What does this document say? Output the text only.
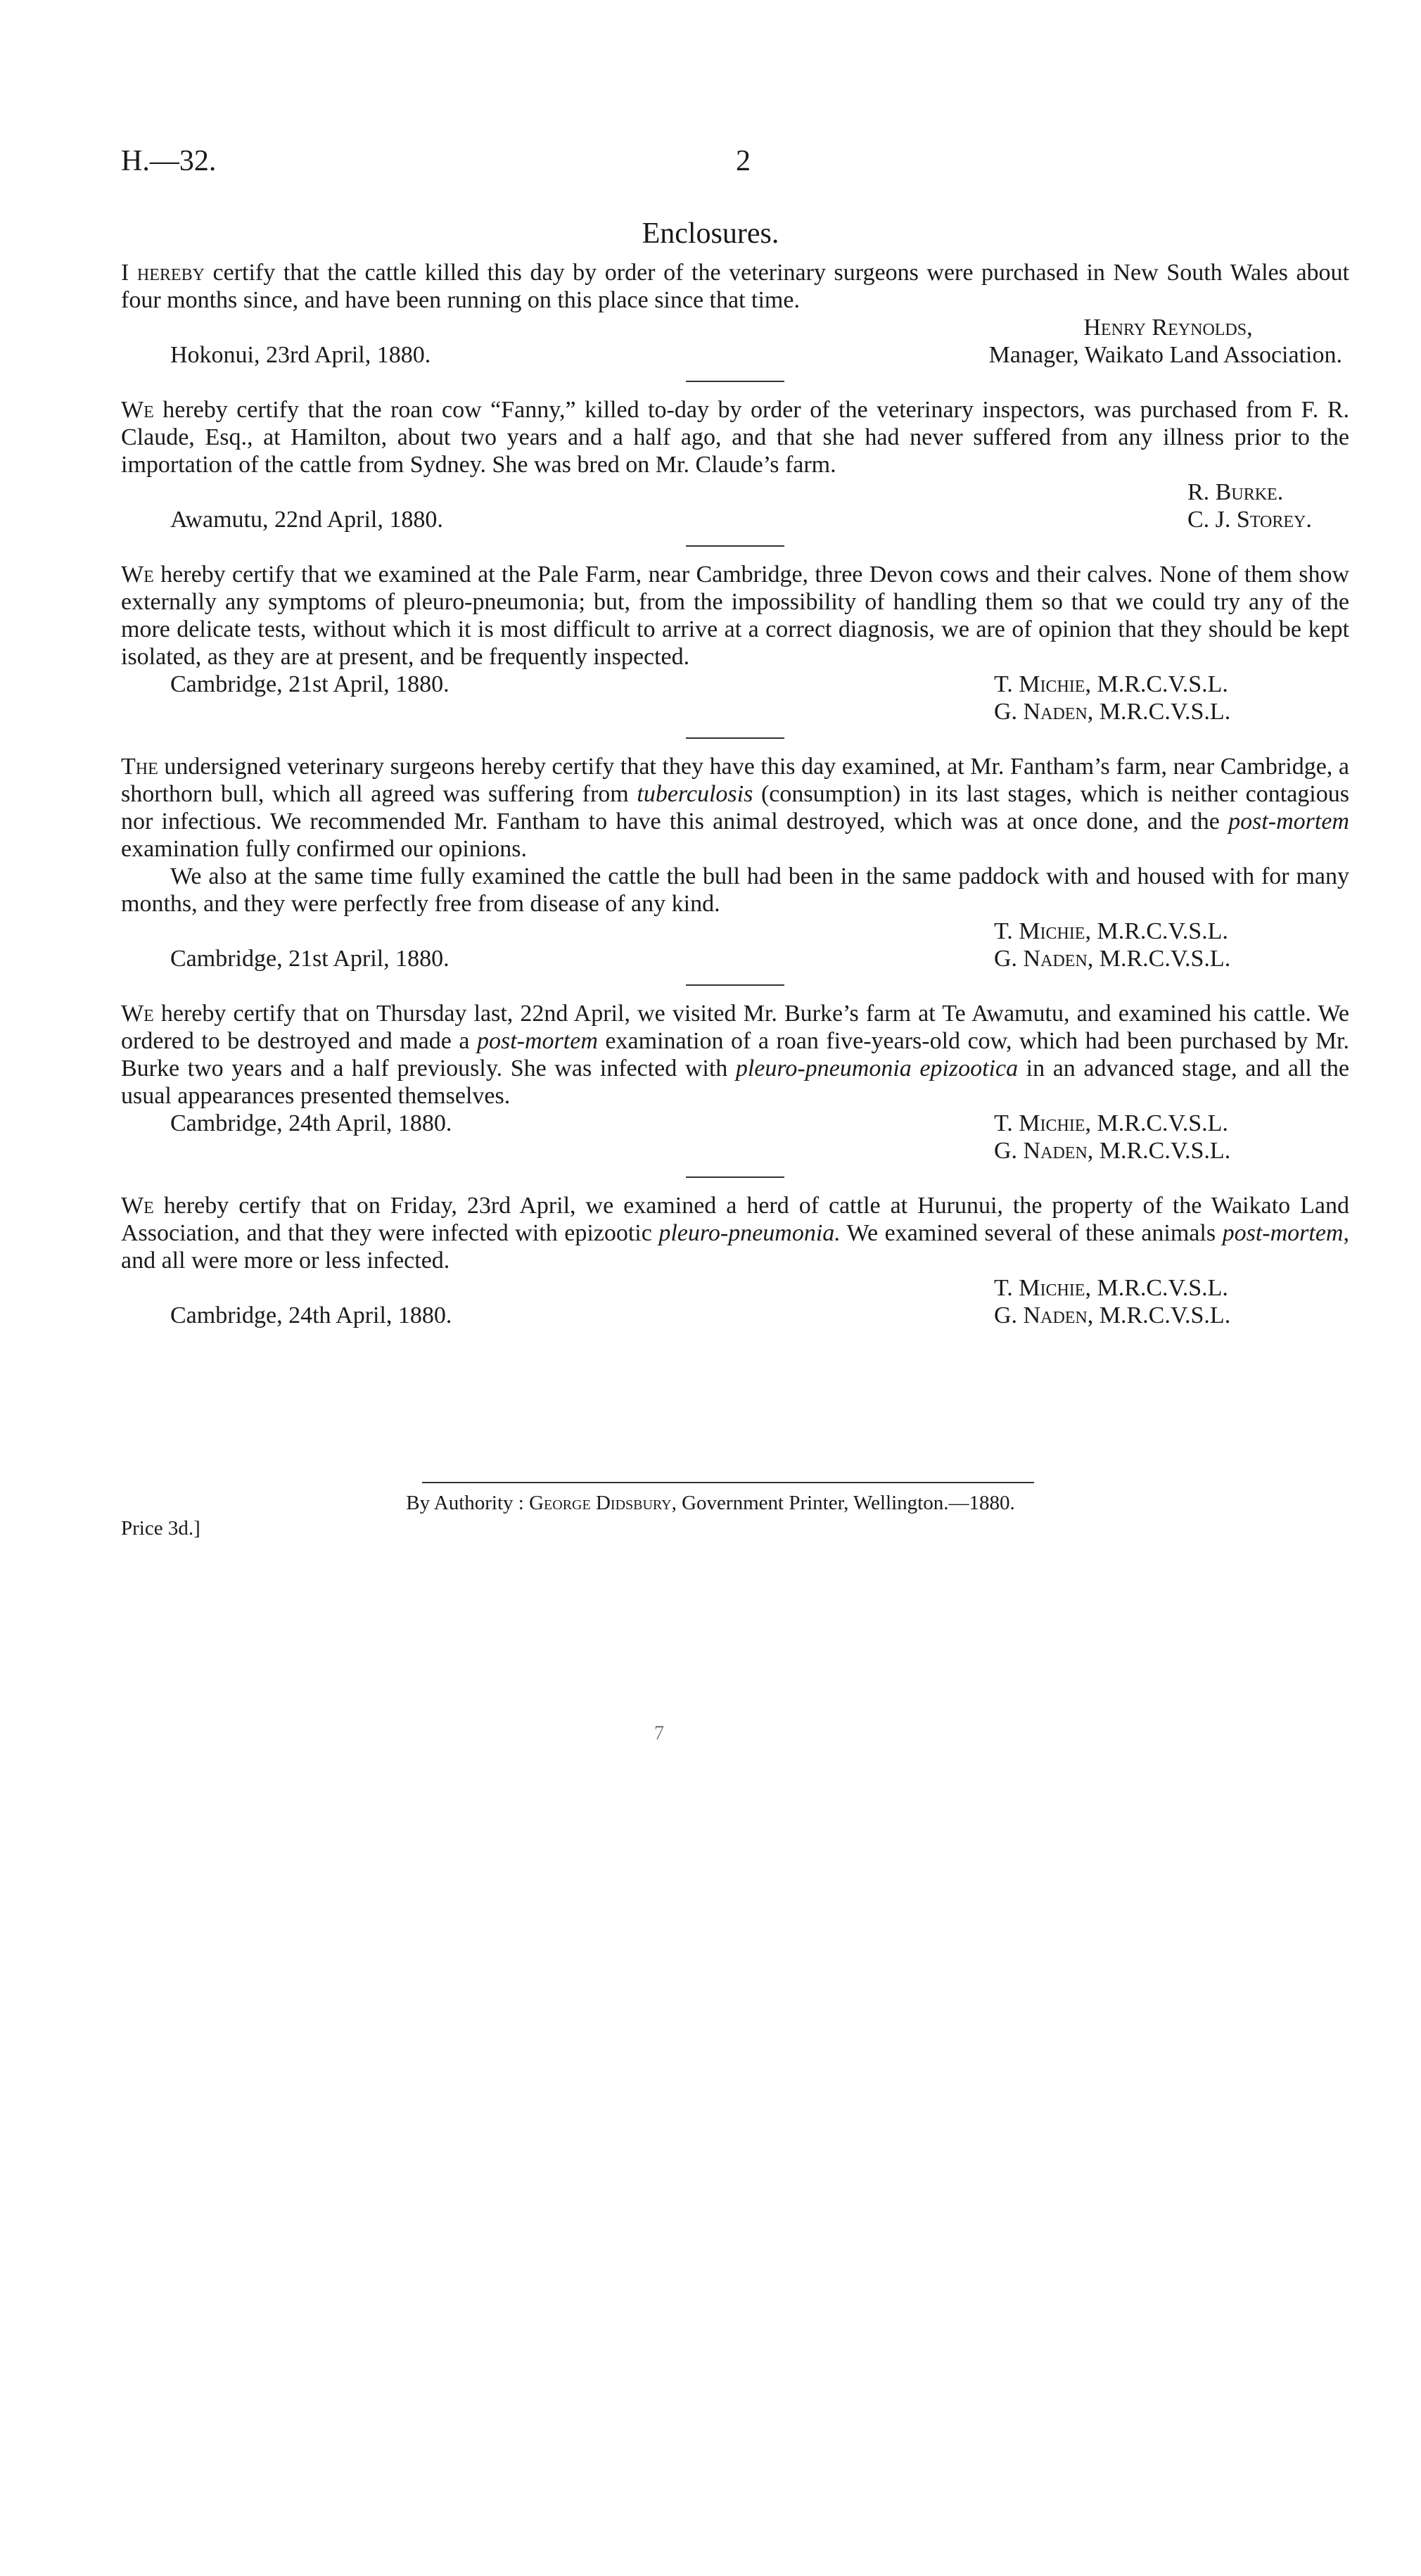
H.—32.	2
Enclosures.

I hereby certify that the cattle killed this day by order of the veterinary surgeons were purchased in New South Wales about four months since, and have been running on this place since that time.

Henry Reynolds,
Hokonui, 23rd April, 1880.	Manager, Waikato Land Association.

We hereby certify that the roan cow “Fanny,” killed to-day by order of the veterinary inspectors, was purchased from F. R. Claude, Esq., at Hamilton, about two years and a half ago, and that she had never suffered from any illness prior to the importation of the cattle from Sydney. She was bred on Mr. Claude’s farm.

R. Burke.
Awamutu, 22nd April, 1880.	C. J. Storey.

We hereby certify that we examined at the Pale Farm, near Cambridge, three Devon cows and their calves. None of them show externally any symptoms of pleuro-pneumonia; but, from the impossibility of handling them so that we could try any of the more delicate tests, without which it is most difficult to arrive at a correct diagnosis, we are of opinion that they should be kept isolated, as they are at present, and be frequently inspected.

Cambridge, 21st April, 1880.	T. Michie, M.R.C.V.S.L.
G. Naden, M.R.C.V.S.L.

The undersigned veterinary surgeons hereby certify that they have this day examined, at Mr. Fantham’s farm, near Cambridge, a shorthorn bull, which all agreed was suffering from tuberculosis (consumption) in its last stages, which is neither contagious nor infectious. We recommended Mr. Fantham to have this animal destroyed, which was at once done, and the post-mortem examination fully confirmed our opinions.

We also at the same time fully examined the cattle the bull had been in the same paddock with and housed with for many months, and they were perfectly free from disease of any kind.

T. Michie, M.R.C.V.S.L.
Cambridge, 21st April, 1880.	G. Naden, M.R.C.V.S.L.

We hereby certify that on Thursday last, 22nd April, we visited Mr. Burke’s farm at Te Awamutu, and examined his cattle. We ordered to be destroyed and made a post-mortem examination of a roan five-years-old cow, which had been purchased by Mr. Burke two years and a half previously. She was infected with pleuro-pneumonia epizootica in an advanced stage, and all the usual appearances presented themselves.

Cambridge, 24th April, 1880.	T. Michie, M.R.C.V.S.L.
G. Naden, M.R.C.V.S.L.

We hereby certify that on Friday, 23rd April, we examined a herd of cattle at Hurunui, the property of the Waikato Land Association, and that they were infected with epizootic pleuro-pneumonia. We examined several of these animals post-mortem, and all were more or less infected.

T. Michie, M.R.C.V.S.L.
Cambridge, 24th April, 1880.	G. Naden, M.R.C.V.S.L.
By Authority : George Didsbury, Government Printer, Wellington.—1880.
Price 3d.]
7
